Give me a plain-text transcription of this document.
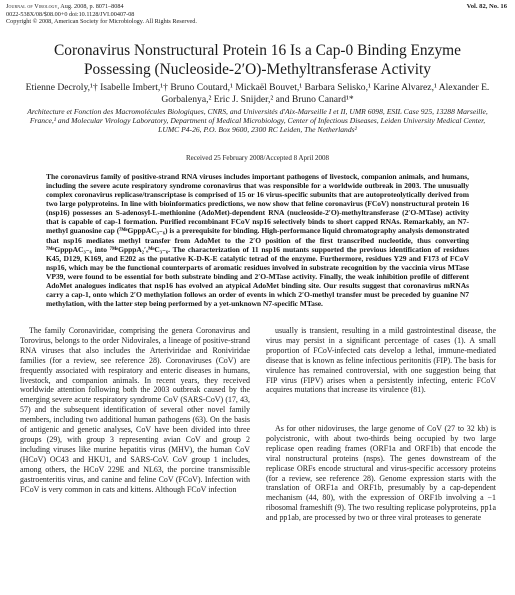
Journal of Virology, Aug. 2008, p. 8071–8084
0022-538X/08/$08.00+0 doi:10.1128/JVI.00407-08
Copyright © 2008, American Society for Microbiology. All Rights Reserved.
Vol. 82, No. 16
Coronavirus Nonstructural Protein 16 Is a Cap-0 Binding Enzyme Possessing (Nucleoside-2′O)-Methyltransferase Activity
Etienne Decroly,¹† Isabelle Imbert,¹† Bruno Coutard,¹ Mickaël Bouvet,¹ Barbara Selisko,¹ Karine Alvarez,¹ Alexander E. Gorbalenya,² Eric J. Snijder,² and Bruno Canard¹*
Architecture et Fonction des Macromolécules Biologiques, CNRS, and Universités d'Aix-Marseille I et II, UMR 6098, ESIL Case 925, 13288 Marseille, France,¹ and Molecular Virology Laboratory, Department of Medical Microbiology, Center of Infectious Diseases, Leiden University Medical Center, LUMC P4-26, P.O. Box 9600, 2300 RC Leiden, The Netherlands²
Received 25 February 2008/Accepted 8 April 2008

The coronavirus family of positive-strand RNA viruses includes important pathogens of livestock, companion animals, and humans, including the severe acute respiratory syndrome coronavirus that was responsible for a worldwide outbreak in 2003. The unusually complex coronavirus replicase/transcriptase is comprised of 15 or 16 virus-specific subunits that are autoproteolytically derived from two large polyproteins. In line with bioinformatics predictions, we now show that feline coronavirus (FCoV) nonstructural protein 16 (nsp16) possesses an S-adenosyl-L-methionine (AdoMet)-dependent RNA (nucleoside-2′O)-methyltransferase (2′O-MTase) activity that is capable of cap-1 formation. Purified recombinant FCoV nsp16 selectively binds to short capped RNAs. Remarkably, an N7-methyl guanosine cap (⁷ᴹᵉGpppAC₃₋₆) is a prerequisite for binding. High-performance liquid chromatography analysis demonstrated that nsp16 mediates methyl transfer from AdoMet to the 2′O position of the first transcribed nucleotide, thus converting ⁷ᴹᵉGpppAC₃₋₆ into ⁷ᴹᵉGpppA₂′ₒᴹᵉC₃₋₆. The characterization of 11 nsp16 mutants supported the previous identification of residues K45, D129, K169, and E202 as the putative K-D-K-E catalytic tetrad of the enzyme. Furthermore, residues Y29 and F173 of FCoV nsp16, which may be the functional counterparts of aromatic residues involved in substrate recognition by the vaccinia virus MTase VP39, were found to be essential for both substrate binding and 2′O-MTase activity. Finally, the weak inhibition profile of different AdoMet analogues indicates that nsp16 has evolved an atypical AdoMet binding site. Our results suggest that coronavirus mRNAs carry a cap-1, onto which 2′O methylation follows an order of events in which 2′O-methyl transfer must be preceded by guanine N7 methylation, with the latter step being performed by a yet-unknown N7-specific MTase.

The family Coronaviridae, comprising the genera Coronavirus and Torovirus, belongs to the order Nidovirales, a lineage of positive-strand RNA viruses that also includes the Arteriviridae and Roniviridae families (for a review, see reference 28). Coronaviruses (CoV) are frequently associated with respiratory and enteric diseases in humans, livestock, and companion animals. In recent years, they received worldwide attention following both the 2003 outbreak caused by the emerging severe acute respiratory syndrome CoV (SARS-CoV) (17, 43, 57) and the subsequent identification of several other novel family members, including two additional human pathogens (63). On the basis of antigenic and genetic analyses, CoV have been divided into three groups (29), with group 3 representing avian CoV and group 2 including viruses like murine hepatitis virus (MHV), the human CoV (HCoV) OC43 and HKU1, and SARS-CoV. CoV group 1 includes, among others, the HCoV 229E and NL63, the porcine transmissible gastroenteritis virus, and canine and feline CoV (FCoV). Infection with FCoV is very common in cats and kittens. Although FCoV infection

usually is transient, resulting in a mild gastrointestinal disease, the virus may persist in a significant percentage of cases (1). A small proportion of FCoV-infected cats develop a lethal, immune-mediated disease that is known as feline infectious peritonitis (FIP). The basis for virulence has remained controversial, with one suggestion being that FIP virus (FIPV) arises when a persistently infecting, enteric FCoV acquires mutations that increase its virulence (81).

As for other nidoviruses, the large genome of CoV (27 to 32 kb) is polycistronic, with about two-thirds being occupied by two large replicase open reading frames (ORF1a and ORF1b) that encode the viral nonstructural proteins (nsps). The genes downstream of the replicase ORFs encode structural and virus-specific accessory proteins (for a review, see reference 28). Genome expression starts with the translation of ORF1a and ORF1b, presumably by a cap-dependent mechanism (44, 80), with the expression of ORF1b involving a −1 ribosomal frameshift (9). The two resulting replicase polyproteins, pp1a and pp1ab, are processed by two or three viral proteases to generate
